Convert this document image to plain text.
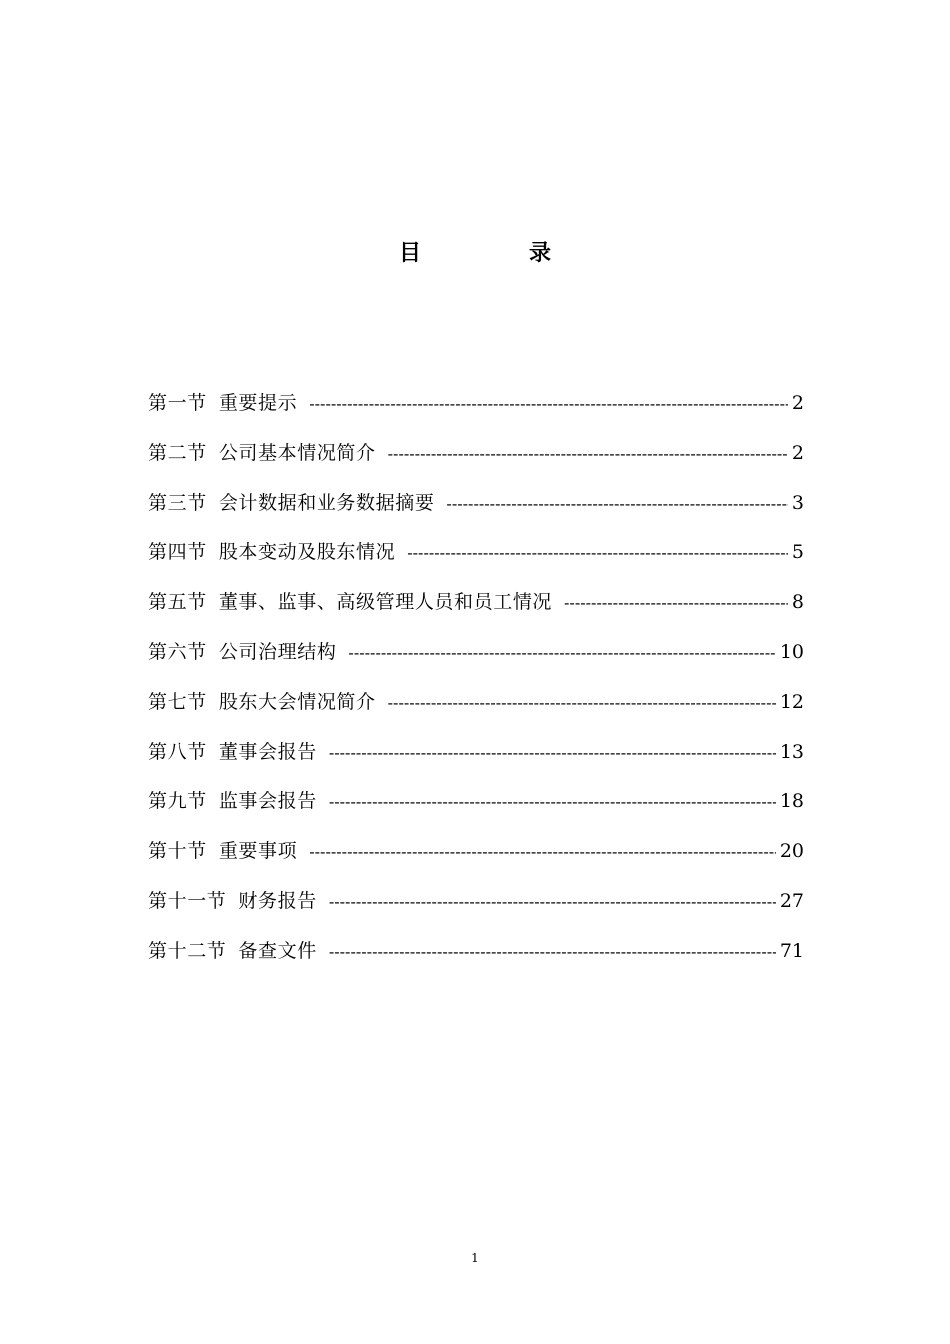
目	录
第一节 重要提示 -----	2
第二节 公司基本情况简介 -----	2
第三节 会计数据和业务数据摘要 -----	3
第四节 股本变动及股东情况 -----	5
第五节 董事、监事、高级管理人员和员工情况 -----	8
第六节 公司治理结构 -----	10
第七节 股东大会情况简介 -----	12
第八节 董事会报告 -----	13
第九节 监事会报告 -----	18
第十节 重要事项 -----	20
第十一节 财务报告 -----	27
第十二节 备查文件 -----	71
1
